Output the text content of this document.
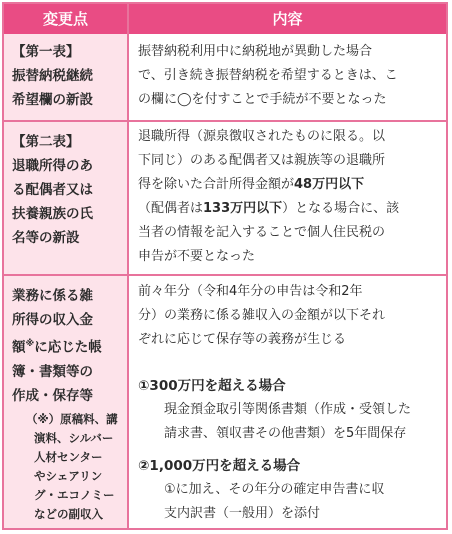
変更点	内容
【第一表】
振替納税継続
希望欄の新設
振替納税利用中に納税地が異動した場合
で、引き続き振替納税を希望するときは、こ
の欄に◯を付すことで手続が不要となった
【第二表】
退職所得のあ
る配偶者又は
扶養親族の氏
名等の新設
退職所得（源泉徴収されたものに限る。以
下同じ）のある配偶者又は親族等の退職所
得を除いた合計所得金額が48万円以下
（配偶者は133万円以下）となる場合に、該
当者の情報を記入することで個人住民税の
申告が不要となった
業務に係る雑
所得の収入金
額※に応じた帳
簿・書類等の
作成・保存等
（※）原稿料、講
演料、シルバー
人材センター
やシェアリン
グ・エコノミー
などの副収入
前々年分（令和4年分の申告は令和2年
分）の業務に係る雑収入の金額が以下それ
ぞれに応じて保存等の義務が生じる
①300万円を超える場合
現金預金取引等関係書類（作成・受領した
請求書、領収書その他書類）を5年間保存
②1,000万円を超える場合
①に加え、その年分の確定申告書に収
支内訳書（一般用）を添付
